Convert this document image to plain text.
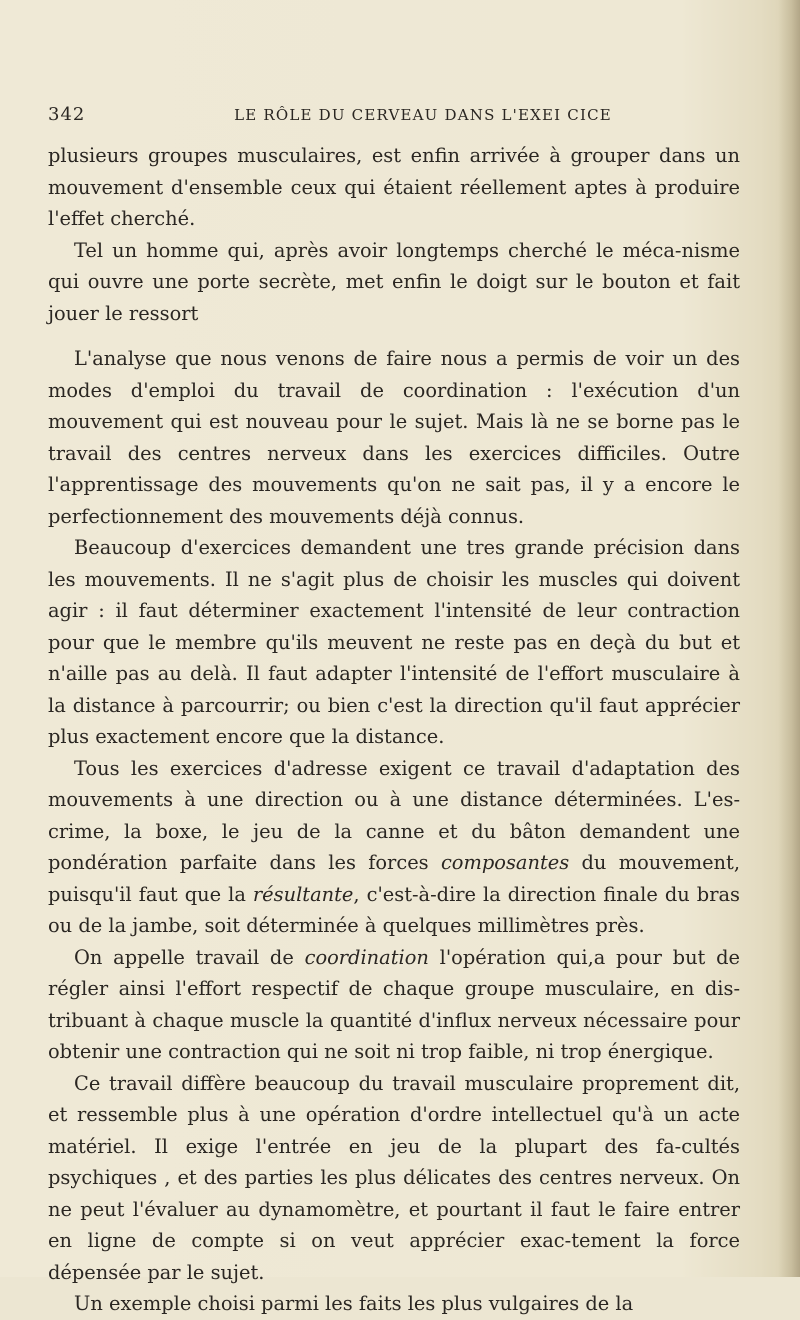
342	LE RÔLE DU CERVEAU DANS L'EXEI CICE

plusieurs groupes musculaires, est enfin arrivée à grouper dans un mouvement d'ensemble ceux qui étaient réellement aptes à produire l'effet cherché.

Tel un homme qui, après avoir longtemps cherché le méca-nisme qui ouvre une porte secrète, met enfin le doigt sur le bouton et fait jouer le ressort

L'analyse que nous venons de faire nous a permis de voir un des modes d'emploi du travail de coordination : l'exécution d'un mouvement qui est nouveau pour le sujet. Mais là ne se borne pas le travail des centres nerveux dans les exercices difficiles. Outre l'apprentissage des mouvements qu'on ne sait pas, il y a encore le perfectionnement des mouvements déjà connus.

Beaucoup d'exercices demandent une tres grande précision dans les mouvements. Il ne s'agit plus de choisir les muscles qui doivent agir : il faut déterminer exactement l'intensité de leur contraction pour que le membre qu'ils meuvent ne reste pas en deçà du but et n'aille pas au delà. Il faut adapter l'intensité de l'effort musculaire à la distance à parcourrir; ou bien c'est la direction qu'il faut apprécier plus exactement encore que la distance.

Tous les exercices d'adresse exigent ce travail d'adaptation des mouvements à une direction ou à une distance déterminées. L'es-crime, la boxe, le jeu de la canne et du bâton demandent une pondération parfaite dans les forces composantes du mouvement, puisqu'il faut que la résultante, c'est-à-dire la direction finale du bras ou de la jambe, soit déterminée à quelques millimètres près.

On appelle travail de coordination l'opération qui,a pour but de régler ainsi l'effort respectif de chaque groupe musculaire, en dis-tribuant à chaque muscle la quantité d'influx nerveux nécessaire pour obtenir une contraction qui ne soit ni trop faible, ni trop énergique.

Ce travail diffère beaucoup du travail musculaire proprement dit, et ressemble plus à une opération d'ordre intellectuel qu'à un acte matériel. Il exige l'entrée en jeu de la plupart des fa-cultés psychiques , et des parties les plus délicates des centres nerveux. On ne peut l'évaluer au dynamomètre, et pourtant il faut le faire entrer en ligne de compte si on veut apprécier exac-tement la force dépensée par le sujet.

Un exemple choisi parmi les faits les plus vulgaires de la
